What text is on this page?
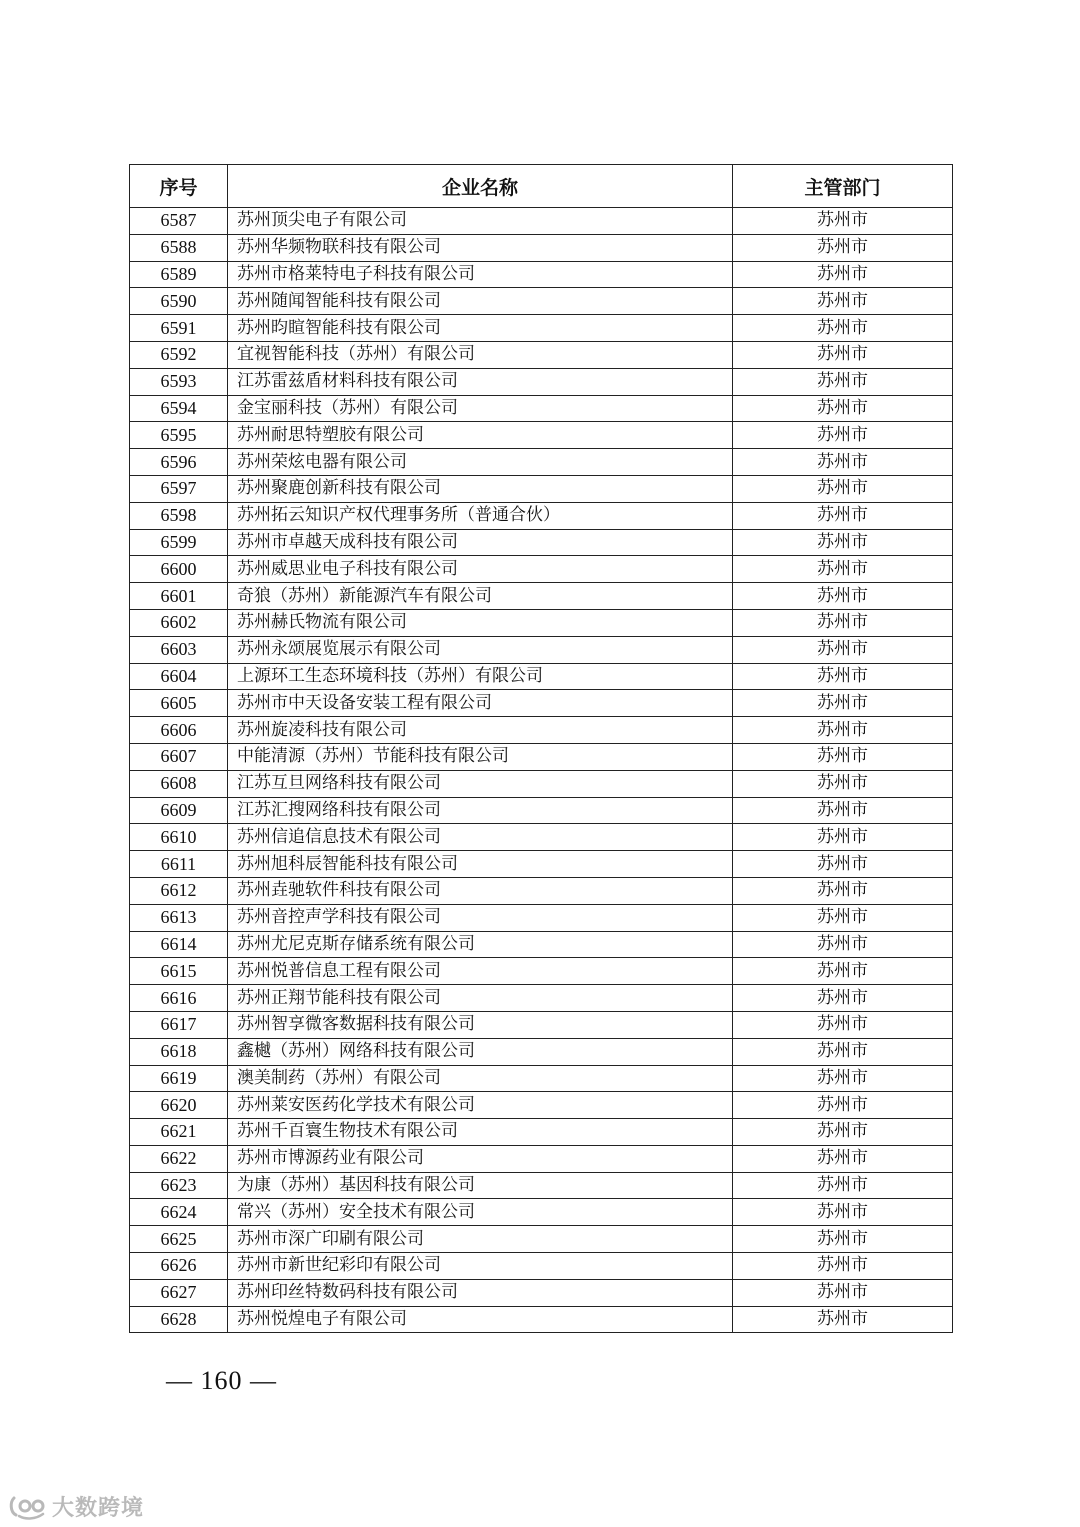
序号	企业名称	主管部门
6587	苏州顶尖电子有限公司	苏州市
6588	苏州华频物联科技有限公司	苏州市
6589	苏州市格莱特电子科技有限公司	苏州市
6590	苏州随闻智能科技有限公司	苏州市
6591	苏州昀睻智能科技有限公司	苏州市
6592	宜视智能科技（苏州）有限公司	苏州市
6593	江苏雷兹盾材料科技有限公司	苏州市
6594	金宝丽科技（苏州）有限公司	苏州市
6595	苏州耐思特塑胶有限公司	苏州市
6596	苏州荣炫电器有限公司	苏州市
6597	苏州聚鹿创新科技有限公司	苏州市
6598	苏州拓云知识产权代理事务所（普通合伙）	苏州市
6599	苏州市卓越天成科技有限公司	苏州市
6600	苏州威思业电子科技有限公司	苏州市
6601	奇狼（苏州）新能源汽车有限公司	苏州市
6602	苏州赫氏物流有限公司	苏州市
6603	苏州永颂展览展示有限公司	苏州市
6604	上源环工生态环境科技（苏州）有限公司	苏州市
6605	苏州市中天设备安装工程有限公司	苏州市
6606	苏州旋凌科技有限公司	苏州市
6607	中能清源（苏州）节能科技有限公司	苏州市
6608	江苏互旦网络科技有限公司	苏州市
6609	江苏汇搜网络科技有限公司	苏州市
6610	苏州信追信息技术有限公司	苏州市
6611	苏州旭科辰智能科技有限公司	苏州市
6612	苏州垚驰软件科技有限公司	苏州市
6613	苏州音控声学科技有限公司	苏州市
6614	苏州尤尼克斯存储系统有限公司	苏州市
6615	苏州悦普信息工程有限公司	苏州市
6616	苏州正翔节能科技有限公司	苏州市
6617	苏州智享微客数据科技有限公司	苏州市
6618	鑫樾（苏州）网络科技有限公司	苏州市
6619	澳美制药（苏州）有限公司	苏州市
6620	苏州莱安医药化学技术有限公司	苏州市
6621	苏州千百寰生物技术有限公司	苏州市
6622	苏州市博源药业有限公司	苏州市
6623	为康（苏州）基因科技有限公司	苏州市
6624	常兴（苏州）安全技术有限公司	苏州市
6625	苏州市深广印刷有限公司	苏州市
6626	苏州市新世纪彩印有限公司	苏州市
6627	苏州印丝特数码科技有限公司	苏州市
6628	苏州悦煌电子有限公司	苏州市
— 160 —
大数跨境
